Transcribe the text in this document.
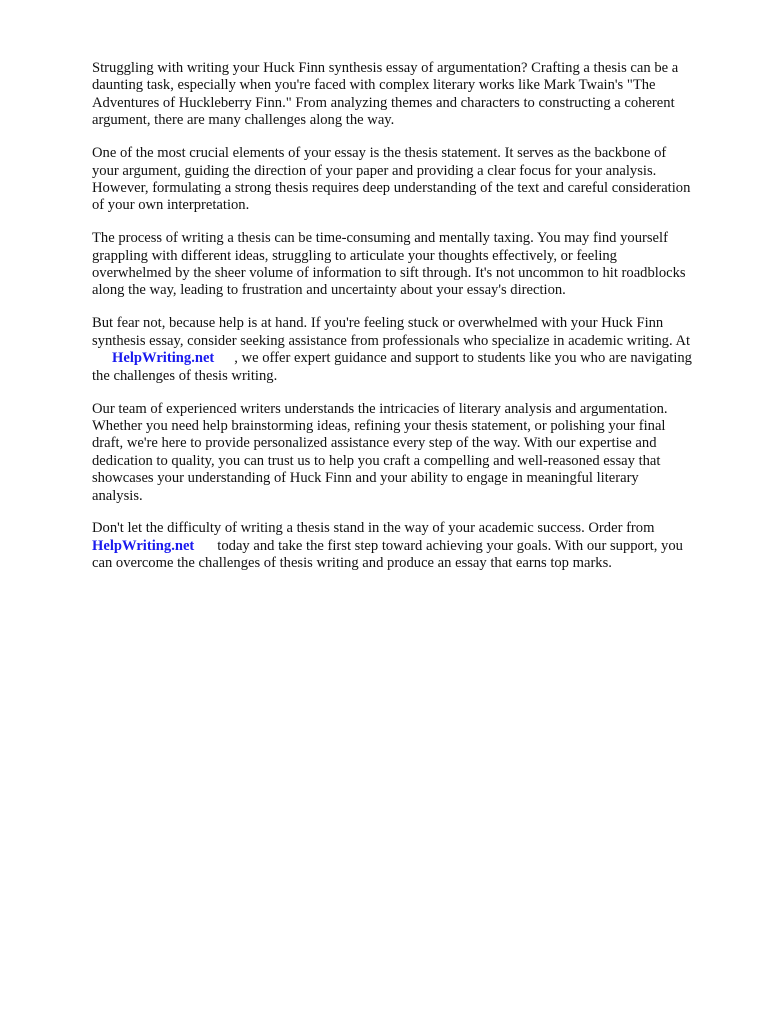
Struggling with writing your Huck Finn synthesis essay of argumentation? Crafting a thesis can be a daunting task, especially when you're faced with complex literary works like Mark Twain's "The Adventures of Huckleberry Finn." From analyzing themes and characters to constructing a coherent argument, there are many challenges along the way.

One of the most crucial elements of your essay is the thesis statement. It serves as the backbone of your argument, guiding the direction of your paper and providing a clear focus for your analysis. However, formulating a strong thesis requires deep understanding of the text and careful consideration of your own interpretation.

The process of writing a thesis can be time-consuming and mentally taxing. You may find yourself grappling with different ideas, struggling to articulate your thoughts effectively, or feeling overwhelmed by the sheer volume of information to sift through. It's not uncommon to hit roadblocks along the way, leading to frustration and uncertainty about your essay's direction.

But fear not, because help is at hand. If you're feeling stuck or overwhelmed with your Huck Finn synthesis essay, consider seeking assistance from professionals who specialize in academic writing. AtHelpWriting.net , we offer expert guidance and support to students like you who are navigating the challenges of thesis writing.

Our team of experienced writers understands the intricacies of literary analysis and argumentation. Whether you need help brainstorming ideas, refining your thesis statement, or polishing your final draft, we're here to provide personalized assistance every step of the way. With our expertise and dedication to quality, you can trust us to help you craft a compelling and well-reasoned essay that showcases your understanding of Huck Finn and your ability to engage in meaningful literary analysis.

Don't let the difficulty of writing a thesis stand in the way of your academic success. Order from HelpWriting.net today and take the first step toward achieving your goals. With our support, you can overcome the challenges of thesis writing and produce an essay that earns top marks.
